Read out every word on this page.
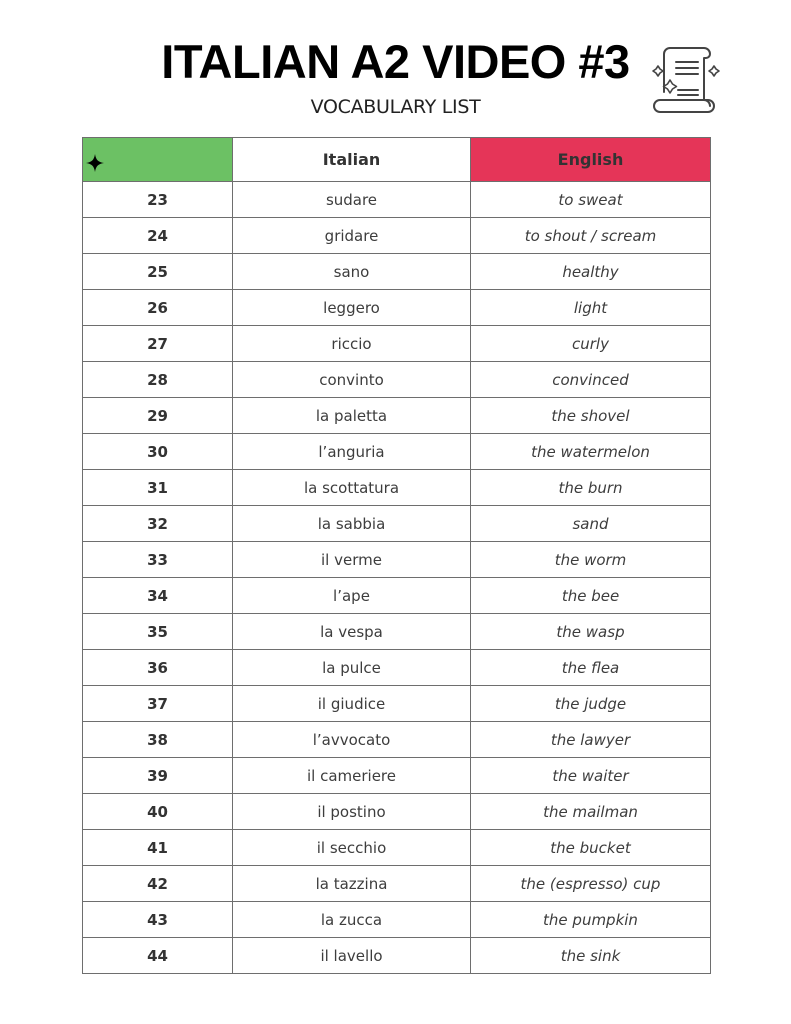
ITALIAN A2 VIDEO #3
VOCABULARY LIST
	Italian	English
23	sudare	to sweat
24	gridare	to shout / scream
25	sano	healthy
26	leggero	light
27	riccio	curly
28	convinto	convinced
29	la paletta	the shovel
30	l’anguria	the watermelon
31	la scottatura	the burn
32	la sabbia	sand
33	il verme	the worm
34	l’ape	the bee
35	la vespa	the wasp
36	la pulce	the flea
37	il giudice	the judge
38	l’avvocato	the lawyer
39	il cameriere	the waiter
40	il postino	the mailman
41	il secchio	the bucket
42	la tazzina	the (espresso) cup
43	la zucca	the pumpkin
44	il lavello	the sink
